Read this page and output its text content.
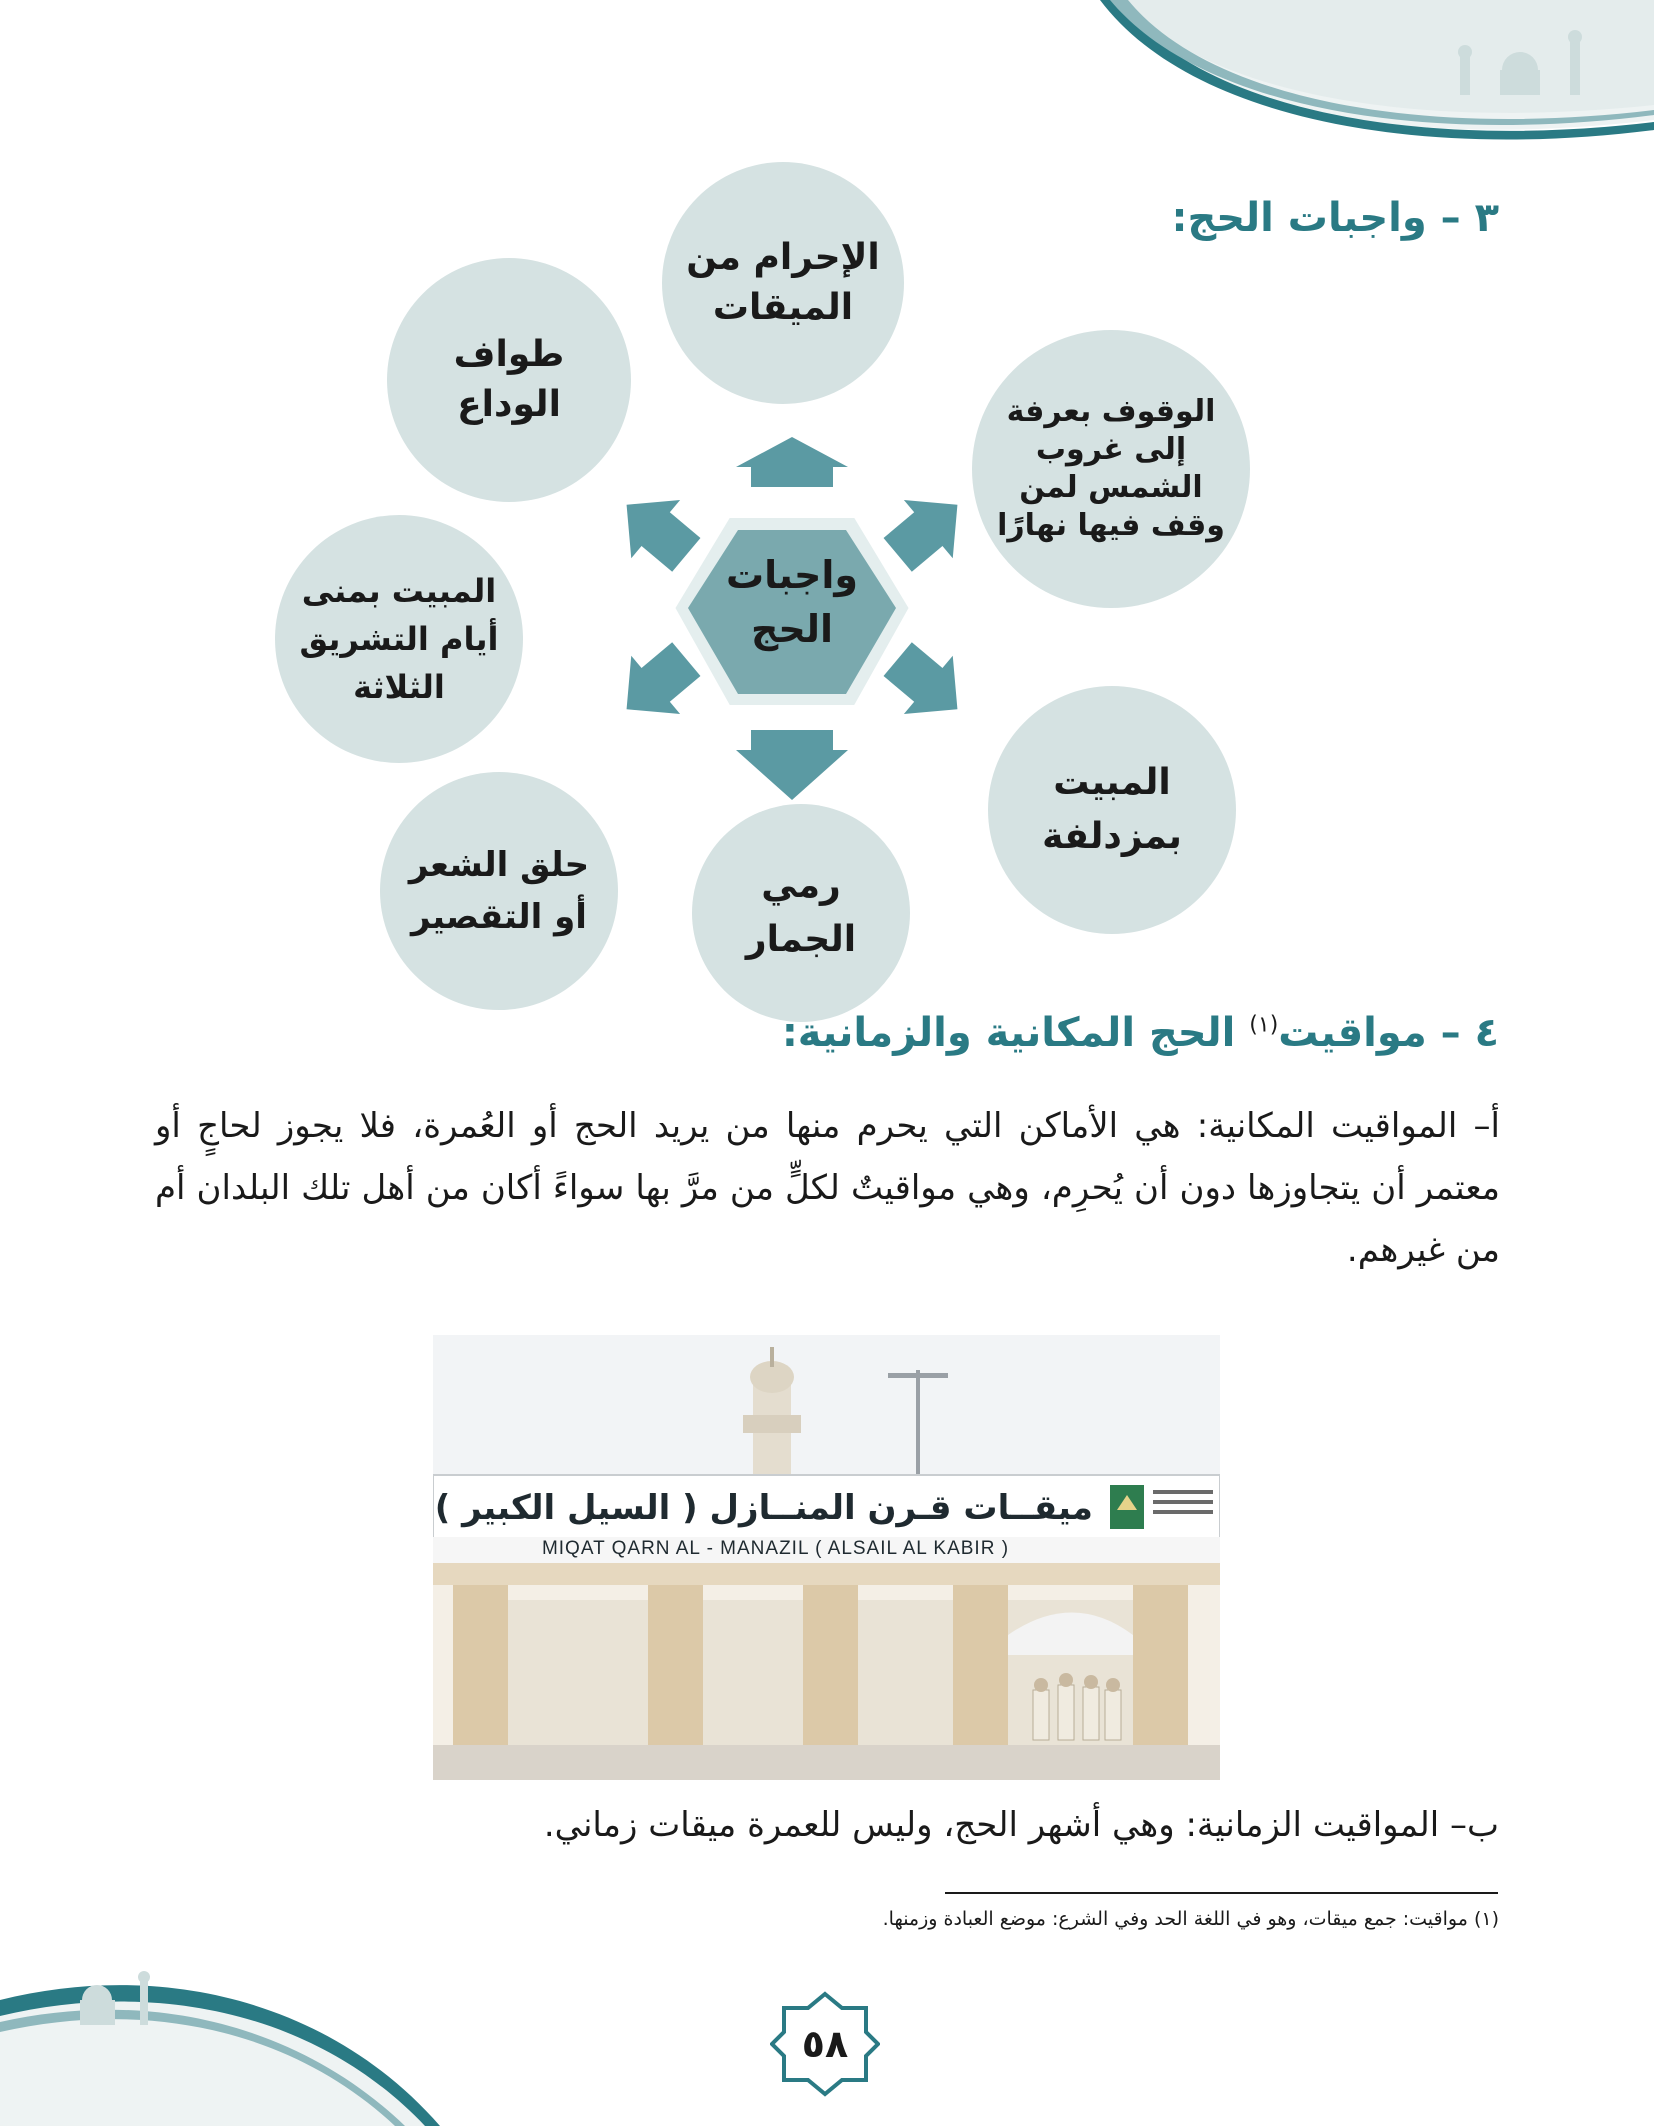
٣ – واجبات الحج:
واجبات
الحج
الإحرام من
الميقات
الوقوف بعرفة
إلى غروب
الشمس لمن
وقف فيها نهارًا
المبيت
بمزدلفة
رمي
الجمار
حلق الشعر
أو التقصير
المبيت بمنى
أيام التشريق
الثلاثة
طواف الوداع
٤ – مواقيت$^{(١)}$ الحج المكانية والزمانية:
أ– المواقيت المكانية: هي الأماكن التي يحرم منها من يريد الحج أو العُمرة، فلا يجوز لحاجٍ أو معتمر أن يتجاوزها دون أن يُحرِم، وهي مواقيتٌ لكلٍّ من مرَّ بها سواءً أكان من أهل تلك البلدان أم من غيرهم.
ميقــات قـرن المنــازل ( السيل الكبير )
MIQAT QARN AL - MANAZIL ( ALSAIL AL KABIR )
ب– المواقيت الزمانية: وهي أشهر الحج، وليس للعمرة ميقات زماني.
(١) مواقيت: جمع ميقات، وهو في اللغة الحد وفي الشرع: موضع العبادة وزمنها.
٥٨
